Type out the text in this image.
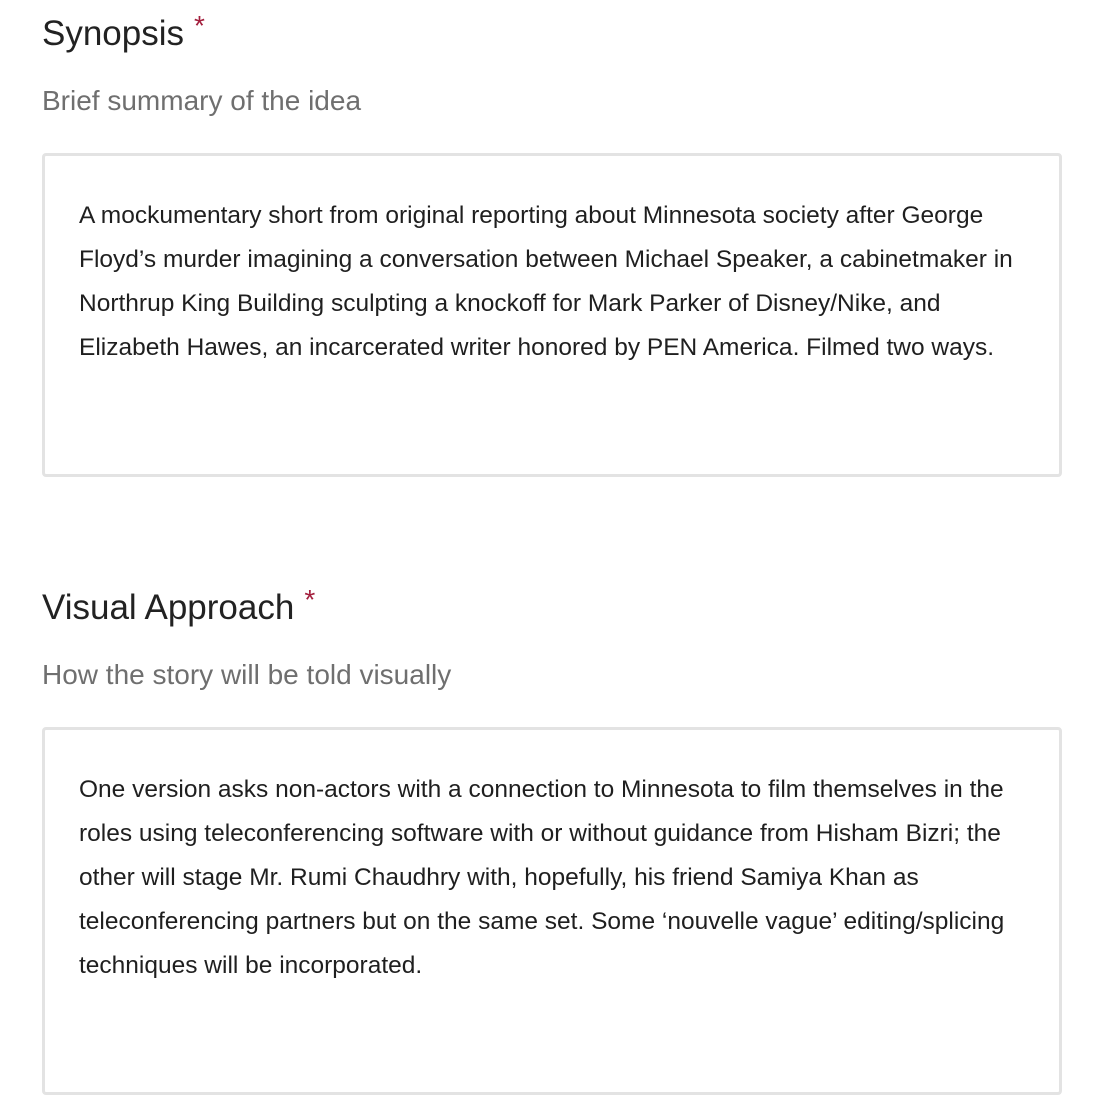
Synopsis *
Brief summary of the idea
A mockumentary short from original reporting about Minnesota society after George Floyd’s murder imagining a conversation between Michael Speaker, a cabinetmaker in Northrup King Building sculpting a knockoff for Mark Parker of Disney/Nike, and Elizabeth Hawes, an incarcerated writer honored by PEN America. Filmed two ways.
Visual Approach *
How the story will be told visually
One version asks non-actors with a connection to Minnesota to film themselves in the roles using teleconferencing software with or without guidance from Hisham Bizri; the other will stage Mr. Rumi Chaudhry with, hopefully, his friend Samiya Khan as teleconferencing partners but on the same set. Some ‘nouvelle vague’ editing/splicing techniques will be incorporated.
